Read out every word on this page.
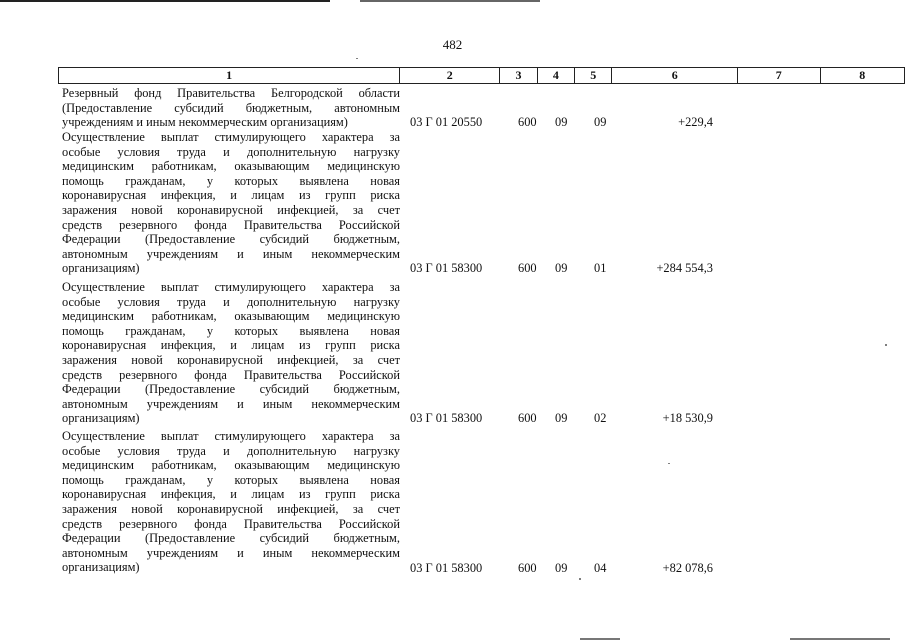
482
1	2	3	4	5	6	7	8
Резервный фонд Правительства Белгородской области
(Предоставление субсидий бюджетным, автономным
учреждениям и иным некоммерческим организациям)	03 Г 01 20550	600 09 09	+229,4
Осуществление выплат стимулирующего характера за
особые условия труда и дополнительную нагрузку
медицинским работникам, оказывающим медицинскую
помощь гражданам, у которых выявлена новая
коронавирусная инфекция, и лицам из групп риска
заражения новой коронавирусной инфекцией, за счет
средств резервного фонда Правительства Российской
Федерации (Предоставление субсидий бюджетным,
автономным учреждениям и иным некоммерческим
организациям)	03 Г 01 58300	600 09 01	+284 554,3
Осуществление выплат стимулирующего характера за
особые условия труда и дополнительную нагрузку
медицинским работникам, оказывающим медицинскую
помощь гражданам, у которых выявлена новая
коронавирусная инфекция, и лицам из групп риска
заражения новой коронавирусной инфекцией, за счет
средств резервного фонда Правительства Российской
Федерации (Предоставление субсидий бюджетным,
автономным учреждениям и иным некоммерческим
организациям)	03 Г 01 58300	600 09 02	+18 530,9
Осуществление выплат стимулирующего характера за
особые условия труда и дополнительную нагрузку
медицинским работникам, оказывающим медицинскую
помощь гражданам, у которых выявлена новая
коронавирусная инфекция, и лицам из групп риска
заражения новой коронавирусной инфекцией, за счет
средств резервного фонда Правительства Российской
Федерации (Предоставление субсидий бюджетным,
автономным учреждениям и иным некоммерческим
организациям)	03 Г 01 58300	600 09 04	+82 078,6
